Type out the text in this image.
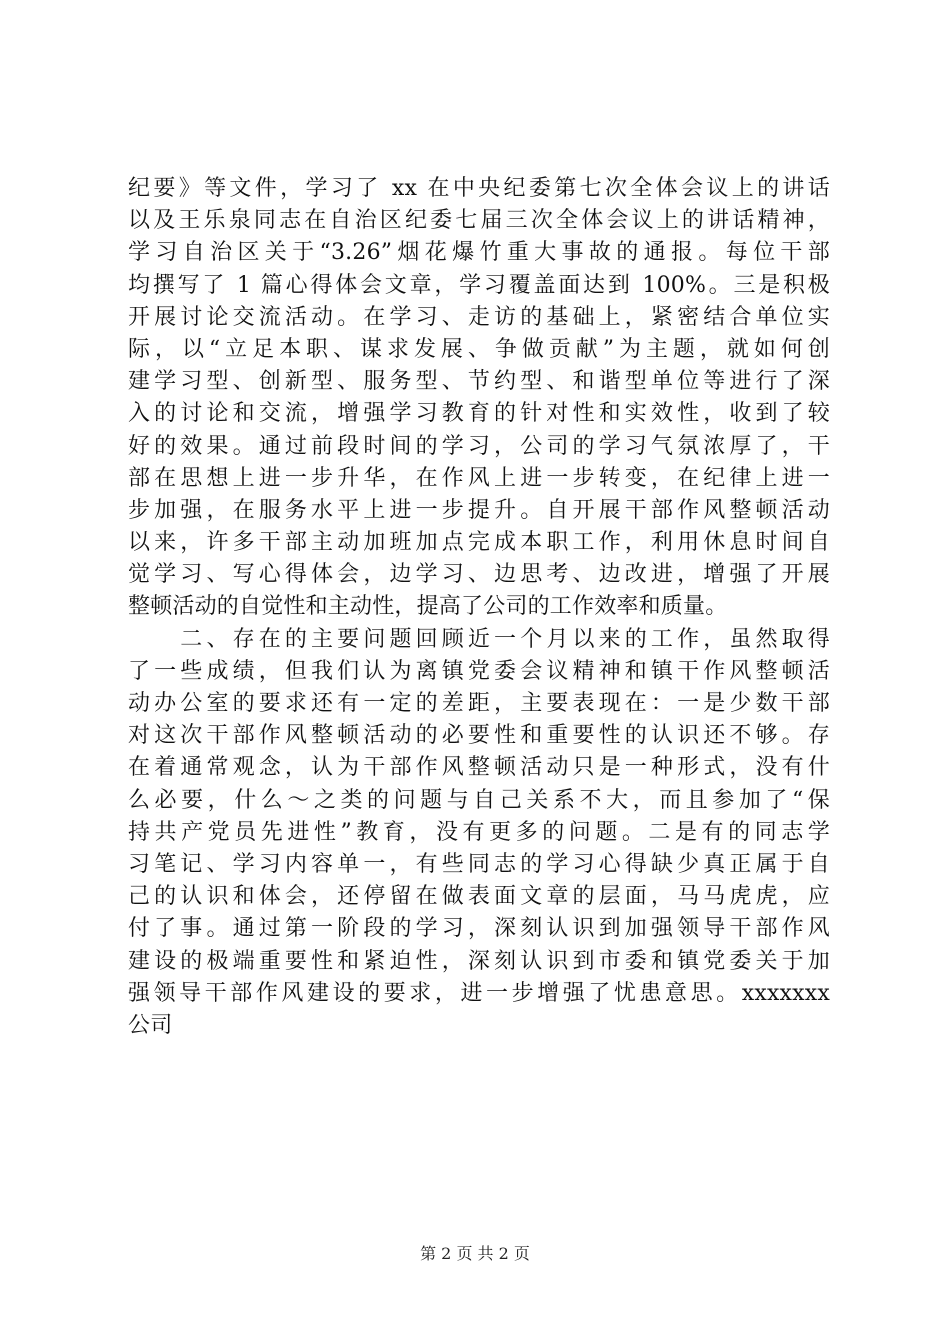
纪要》等文件，学习了 xx 在中央纪委第七次全体会议上的讲话
以及王乐泉同志在自治区纪委七届三次全体会议上的讲话精神，
学习自治区关于“3.26”烟花爆竹重大事故的通报。每位干部
均撰写了 1 篇心得体会文章，学习覆盖面达到 100%。三是积极
开展讨论交流活动。在学习、走访的基础上，紧密结合单位实
际，以“立足本职、谋求发展、争做贡献”为主题，就如何创
建学习型、创新型、服务型、节约型、和谐型单位等进行了深
入的讨论和交流，增强学习教育的针对性和实效性，收到了较
好的效果。通过前段时间的学习，公司的学习气氛浓厚了，干
部在思想上进一步升华，在作风上进一步转变，在纪律上进一
步加强，在服务水平上进一步提升。自开展干部作风整顿活动
以来，许多干部主动加班加点完成本职工作，利用休息时间自
觉学习、写心得体会，边学习、边思考、边改进，增强了开展
整顿活动的自觉性和主动性，提高了公司的工作效率和质量。
　　二、存在的主要问题回顾近一个月以来的工作，虽然取得
了一些成绩，但我们认为离镇党委会议精神和镇干作风整顿活
动办公室的要求还有一定的差距，主要表现在：一是少数干部
对这次干部作风整顿活动的必要性和重要性的认识还不够。存
在着通常观念，认为干部作风整顿活动只是一种形式，没有什
么必要，什么～之类的问题与自己关系不大，而且参加了“保
持共产党员先进性”教育，没有更多的问题。二是有的同志学
习笔记、学习内容单一，有些同志的学习心得缺少真正属于自
己的认识和体会，还停留在做表面文章的层面，马马虎虎，应
付了事。通过第一阶段的学习，深刻认识到加强领导干部作风
建设的极端重要性和紧迫性，深刻认识到市委和镇党委关于加
强领导干部作风建设的要求，进一步增强了忧患意思。xxxxxxx
公司
第 2 页 共 2 页
